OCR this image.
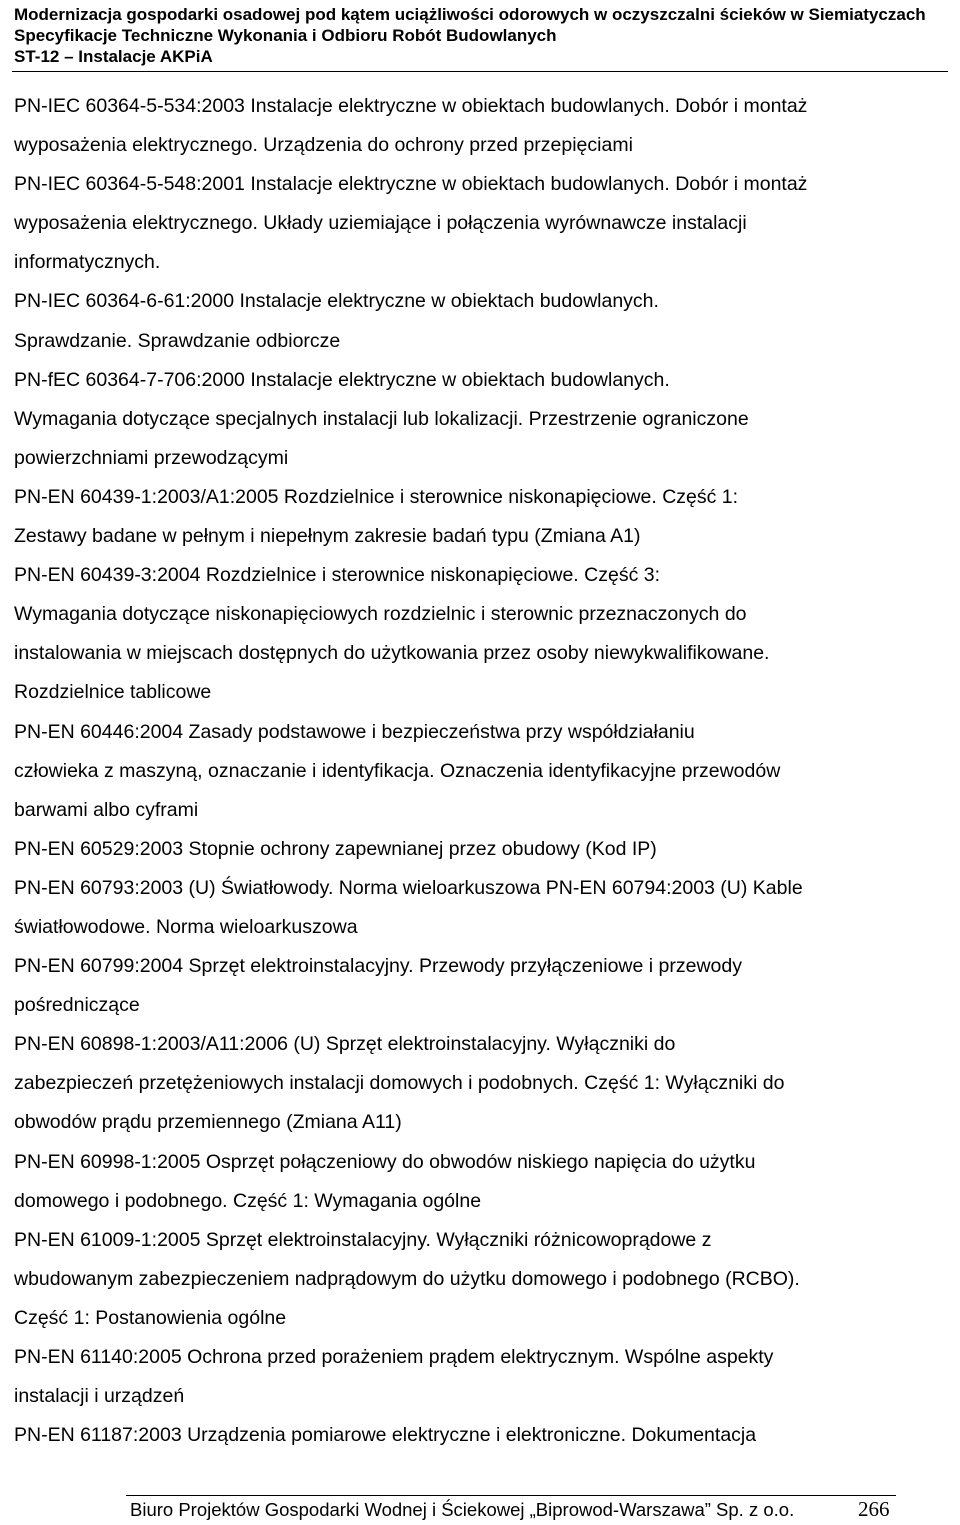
Modernizacja gospodarki osadowej pod kątem uciążliwości odorowych w oczyszczalni ścieków w Siemiatyczach
Specyfikacje Techniczne Wykonania i Odbioru Robót Budowlanych
ST-12 – Instalacje AKPiA
PN-IEC 60364-5-534:2003 Instalacje elektryczne w obiektach budowlanych. Dobór i montaż
wyposażenia elektrycznego. Urządzenia do ochrony przed przepięciami
PN-IEC 60364-5-548:2001 Instalacje elektryczne w obiektach budowlanych. Dobór i montaż
wyposażenia elektrycznego. Układy uziemiające i połączenia wyrównawcze instalacji
informatycznych.
PN-IEC 60364-6-61:2000 Instalacje elektryczne w obiektach budowlanych.
Sprawdzanie. Sprawdzanie odbiorcze
PN-fEC 60364-7-706:2000 Instalacje elektryczne w obiektach budowlanych.
Wymagania dotyczące specjalnych instalacji lub lokalizacji. Przestrzenie ograniczone
powierzchniami przewodzącymi
PN-EN 60439-1:2003/A1:2005 Rozdzielnice i sterownice niskonapięciowe. Część 1:
Zestawy badane w pełnym i niepełnym zakresie badań typu (Zmiana A1)
PN-EN 60439-3:2004 Rozdzielnice i sterownice niskonapięciowe. Część 3:
Wymagania dotyczące niskonapięciowych rozdzielnic i sterownic przeznaczonych do
instalowania w miejscach dostępnych do użytkowania przez osoby niewykwalifikowane.
Rozdzielnice tablicowe
PN-EN 60446:2004 Zasady podstawowe i bezpieczeństwa przy współdziałaniu
człowieka z maszyną, oznaczanie i identyfikacja. Oznaczenia identyfikacyjne przewodów
barwami albo cyframi
PN-EN 60529:2003 Stopnie ochrony zapewnianej przez obudowy (Kod IP)
PN-EN 60793:2003 (U) Światłowody. Norma wieloarkuszowa PN-EN 60794:2003 (U) Kable
światłowodowe. Norma wieloarkuszowa
PN-EN 60799:2004 Sprzęt elektroinstalacyjny. Przewody przyłączeniowe i przewody
pośredniczące
PN-EN 60898-1:2003/A11:2006 (U) Sprzęt elektroinstalacyjny. Wyłączniki do
zabezpieczeń przetężeniowych instalacji domowych i podobnych. Część 1: Wyłączniki do
obwodów prądu przemiennego (Zmiana A11)
PN-EN 60998-1:2005 Osprzęt połączeniowy do obwodów niskiego napięcia do użytku
domowego i podobnego. Część 1: Wymagania ogólne
PN-EN 61009-1:2005 Sprzęt elektroinstalacyjny. Wyłączniki różnicowoprądowe z
wbudowanym zabezpieczeniem nadprądowym do użytku domowego i podobnego (RCBO).
Część 1: Postanowienia ogólne
PN-EN 61140:2005 Ochrona przed porażeniem prądem elektrycznym. Wspólne aspekty
instalacji i urządzeń
PN-EN 61187:2003 Urządzenia pomiarowe elektryczne i elektroniczne. Dokumentacja
Biuro Projektów Gospodarki Wodnej i Ściekowej „Biprowod-Warszawa” Sp. z o.o.	266
